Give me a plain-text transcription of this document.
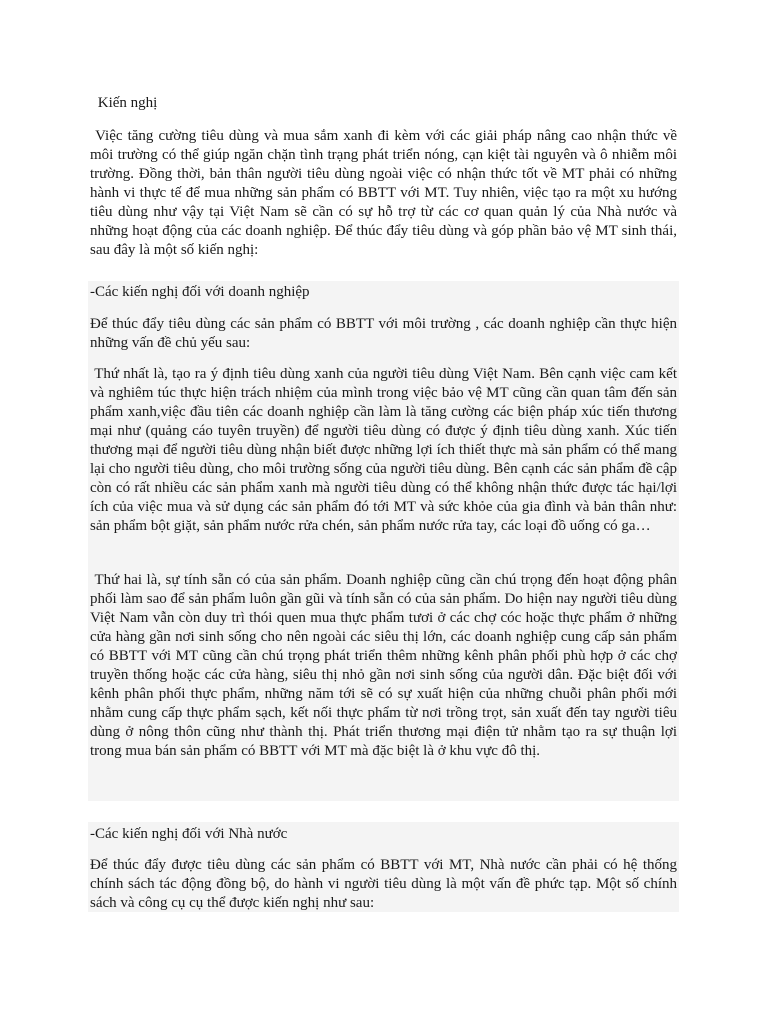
Kiến nghị

Việc tăng cường tiêu dùng và mua sắm xanh đi kèm với các giải pháp nâng cao nhận thức về môi trường có thể giúp ngăn chặn tình trạng phát triển nóng, cạn kiệt tài nguyên và ô nhiễm môi trường. Đồng thời, bản thân người tiêu dùng ngoài việc có nhận thức tốt về MT phải có những hành vi thực tế để mua những sản phẩm có BBTT với MT. Tuy nhiên, việc tạo ra một xu hướng tiêu dùng như vậy tại Việt Nam sẽ cần có sự hỗ trợ từ các cơ quan quản lý của Nhà nước và những hoạt động của các doanh nghiệp. Để thúc đẩy tiêu dùng và góp phần bảo vệ MT sinh thái, sau đây là một số kiến nghị:

-Các kiến nghị đối với doanh nghiệp

Để thúc đẩy tiêu dùng các sản phẩm có BBTT với môi trường , các doanh nghiệp cần thực hiện những vấn đề chủ yếu sau:

Thứ nhất là, tạo ra ý định tiêu dùng xanh của người tiêu dùng Việt Nam. Bên cạnh việc cam kết và nghiêm túc thực hiện trách nhiệm của mình trong việc bảo vệ MT cũng cần quan tâm đến sản phẩm xanh,việc đầu tiên các doanh nghiệp cần làm là tăng cường các biện pháp xúc tiến thương mại như (quảng cáo tuyên truyền) để người tiêu dùng có được ý định tiêu dùng xanh. Xúc tiến thương mại để người tiêu dùng nhận biết được những lợi ích thiết thực mà sản phẩm có thể mang lại cho người tiêu dùng, cho môi trường sống của người tiêu dùng. Bên cạnh các sản phẩm đề cập còn có rất nhiều các sản phẩm xanh mà người tiêu dùng có thể không nhận thức được tác hại/lợi ích của việc mua và sử dụng các sản phẩm đó tới MT và sức khỏe của gia đình và bản thân như: sản phẩm bột giặt, sản phẩm nước rửa chén, sản phẩm nước rửa tay, các loại đồ uống có ga…

Thứ hai là, sự tính sẵn có của sản phẩm. Doanh nghiệp cũng cần chú trọng đến hoạt động phân phối làm sao để sản phẩm luôn gần gũi và tính sẵn có của sản phẩm. Do hiện nay người tiêu dùng Việt Nam vẫn còn duy trì thói quen mua thực phẩm tươi ở các chợ cóc hoặc thực phẩm ở những cửa hàng gần nơi sinh sống cho nên ngoài các siêu thị lớn, các doanh nghiệp cung cấp sản phẩm có BBTT với MT cũng cần chú trọng phát triển thêm những kênh phân phối phù hợp ở các chợ truyền thống hoặc các cửa hàng, siêu thị nhỏ gần nơi sinh sống của người dân. Đặc biệt đối với kênh phân phối thực phẩm, những năm tới sẽ có sự xuất hiện của những chuỗi phân phối mới nhằm cung cấp thực phẩm sạch, kết nối thực phẩm từ nơi trồng trọt, sản xuất đến tay người tiêu dùng ở nông thôn cũng như thành thị. Phát triển thương mại điện tử nhằm tạo ra sự thuận lợi trong mua bán sản phẩm có BBTT với MT mà đặc biệt là ở khu vực đô thị.

-Các kiến nghị đối với Nhà nước

Để thúc đẩy được tiêu dùng các sản phẩm có BBTT với MT, Nhà nước cần phải có hệ thống chính sách tác động đồng bộ, do hành vi người tiêu dùng là một vấn đề phức tạp. Một số chính sách và công cụ cụ thể được kiến nghị như sau:
